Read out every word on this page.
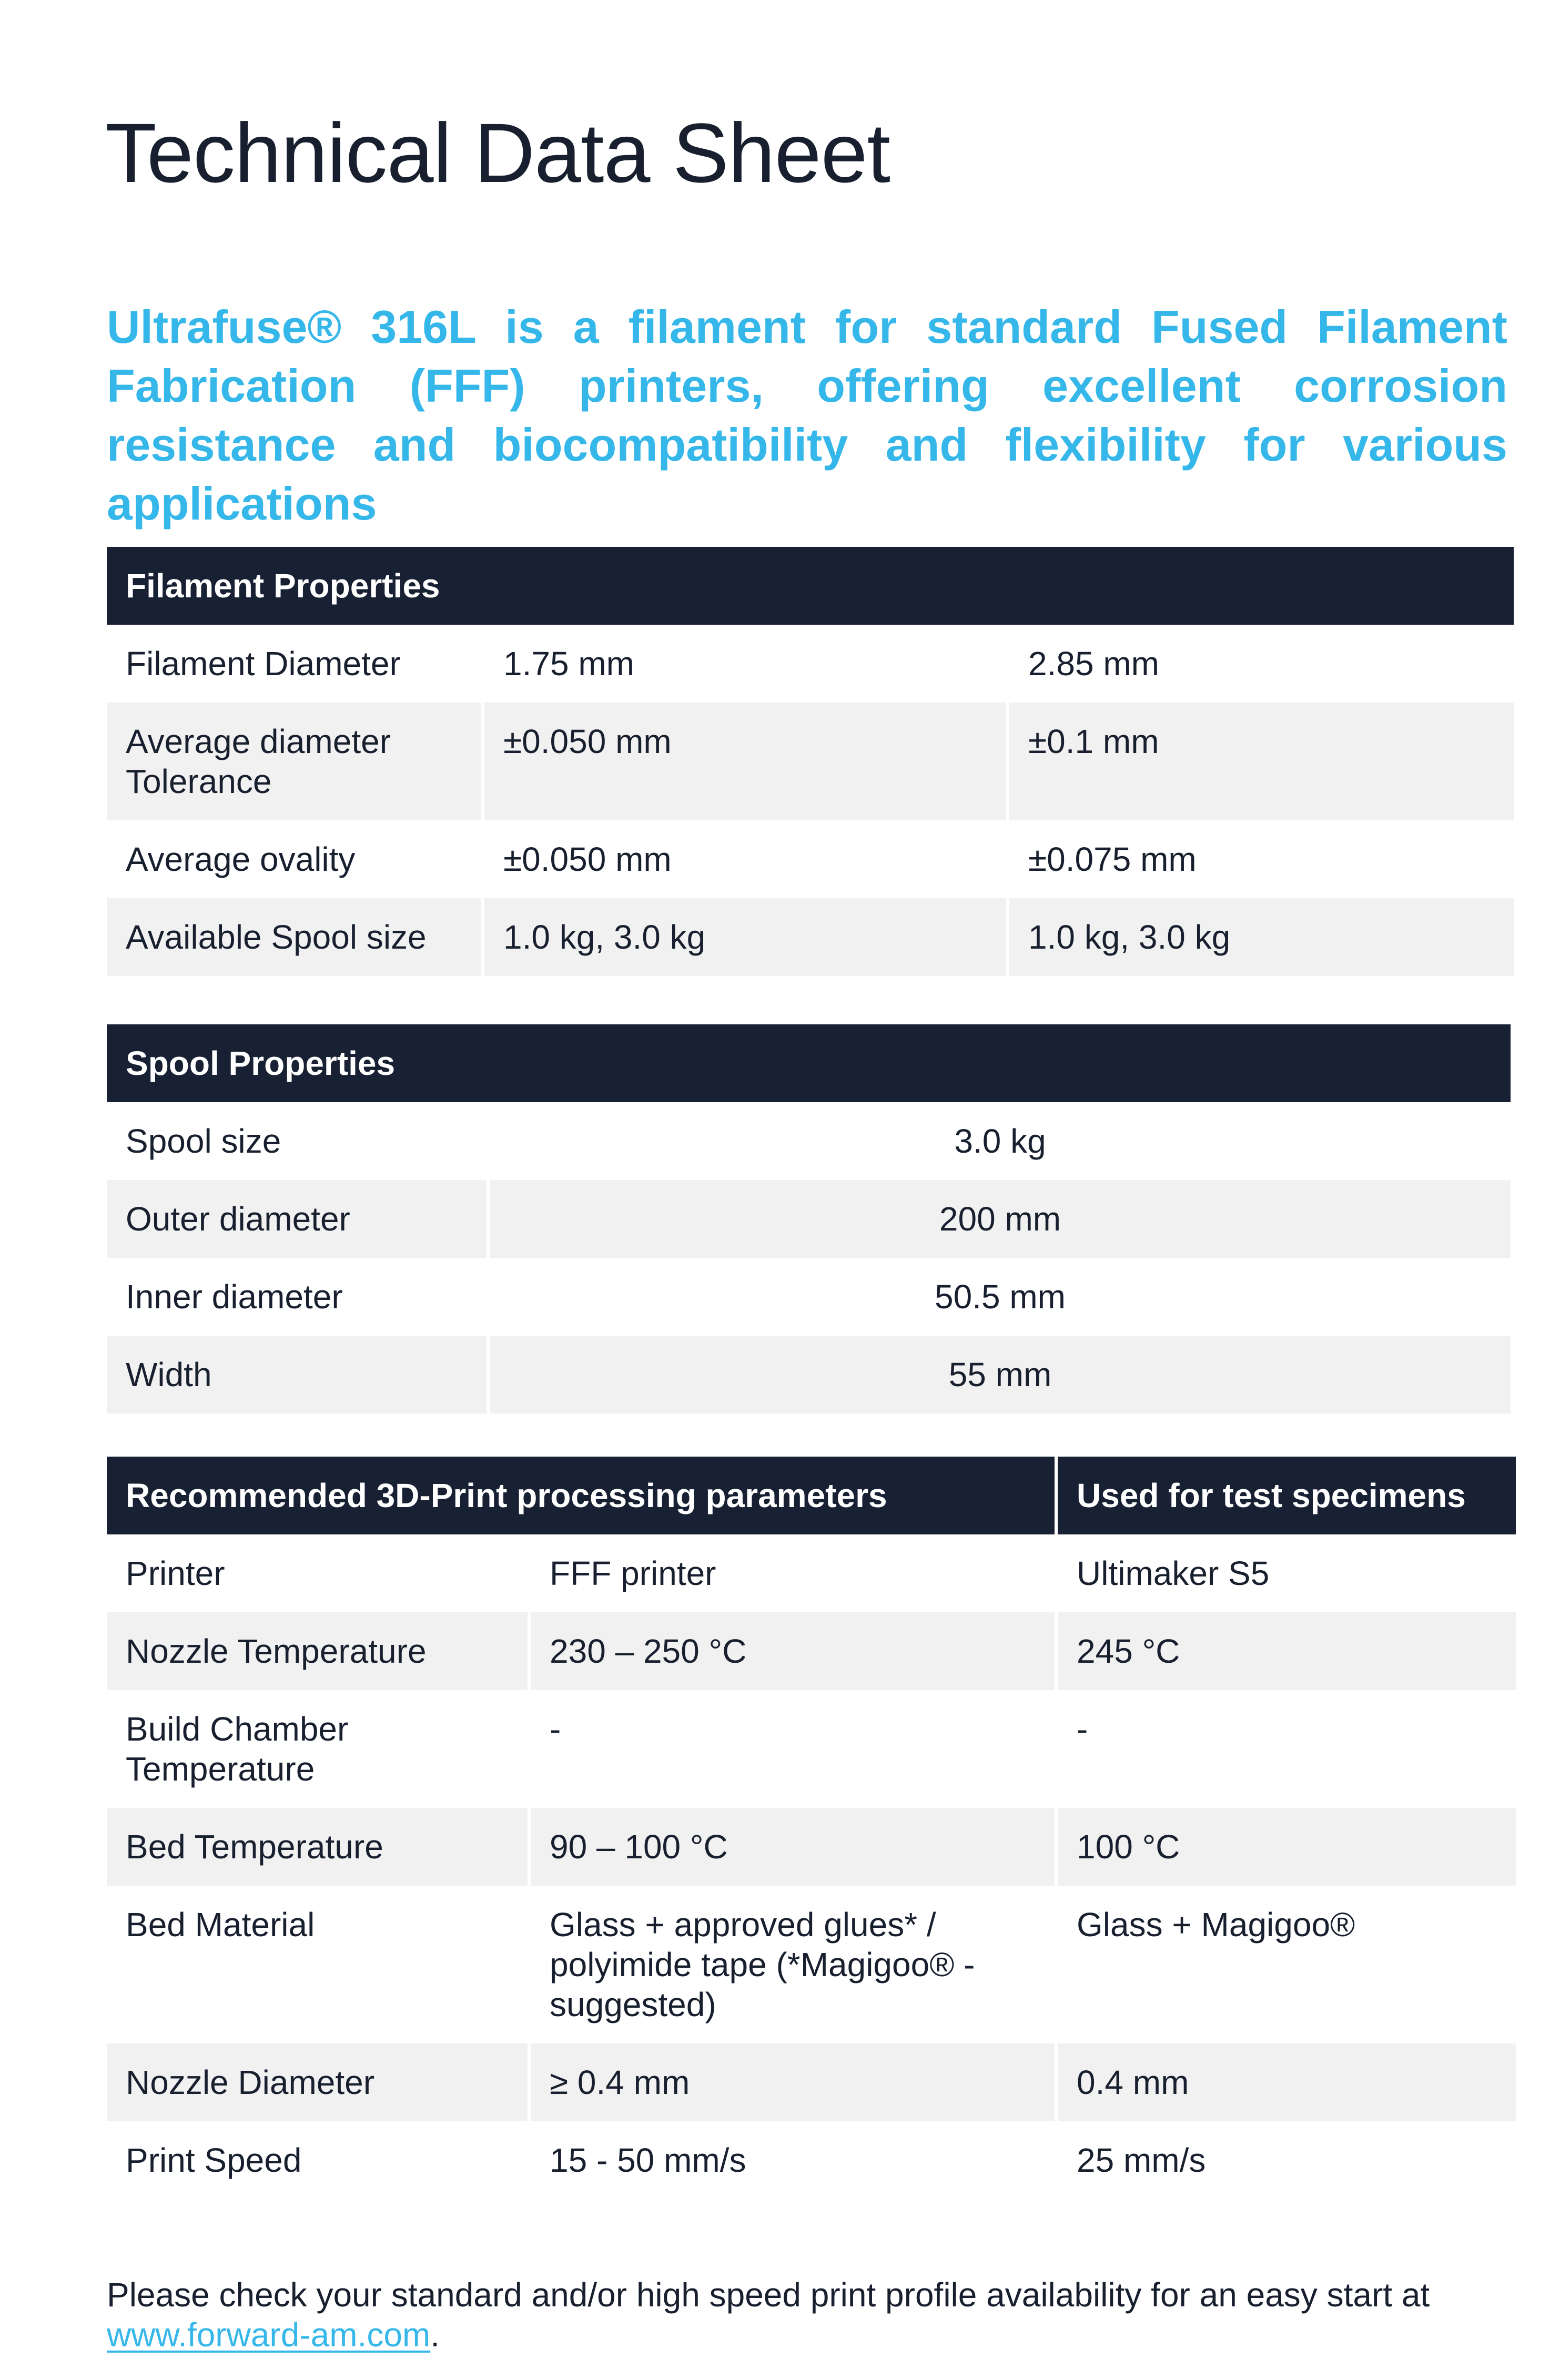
Technical Data Sheet

Ultrafuse® 316L is a filament for standard Fused Filament Fabrication (FFF) printers, offering excellent corrosion resistance and biocompatibility and flexibility for various applications

Filament Properties		
Filament Diameter	1.75 mm	2.85 mm
Average diameter Tolerance	±0.050 mm	±0.1 mm
Average ovality	±0.050 mm	±0.075 mm
Available Spool size	1.0 kg, 3.0 kg	1.0 kg, 3.0 kg
Spool Properties	
Spool size	3.0 kg
Outer diameter	200 mm
Inner diameter	50.5 mm
Width	55 mm
Recommended 3D-Print processing parameters		Used for test specimens
Printer	FFF printer	Ultimaker S5
Nozzle Temperature	230 – 250 °C	245 °C
Build Chamber Temperature	-	-
Bed Temperature	90 – 100 °C	100 °C
Bed Material	Glass + approved glues* / polyimide tape (*Magigoo® - suggested)	Glass + Magigoo®
Nozzle Diameter	≥ 0.4 mm	0.4 mm
Print Speed	15 - 50 mm/s	25 mm/s

Please check your standard and/or high speed print profile availability for an easy start at www.forward-am.com.
